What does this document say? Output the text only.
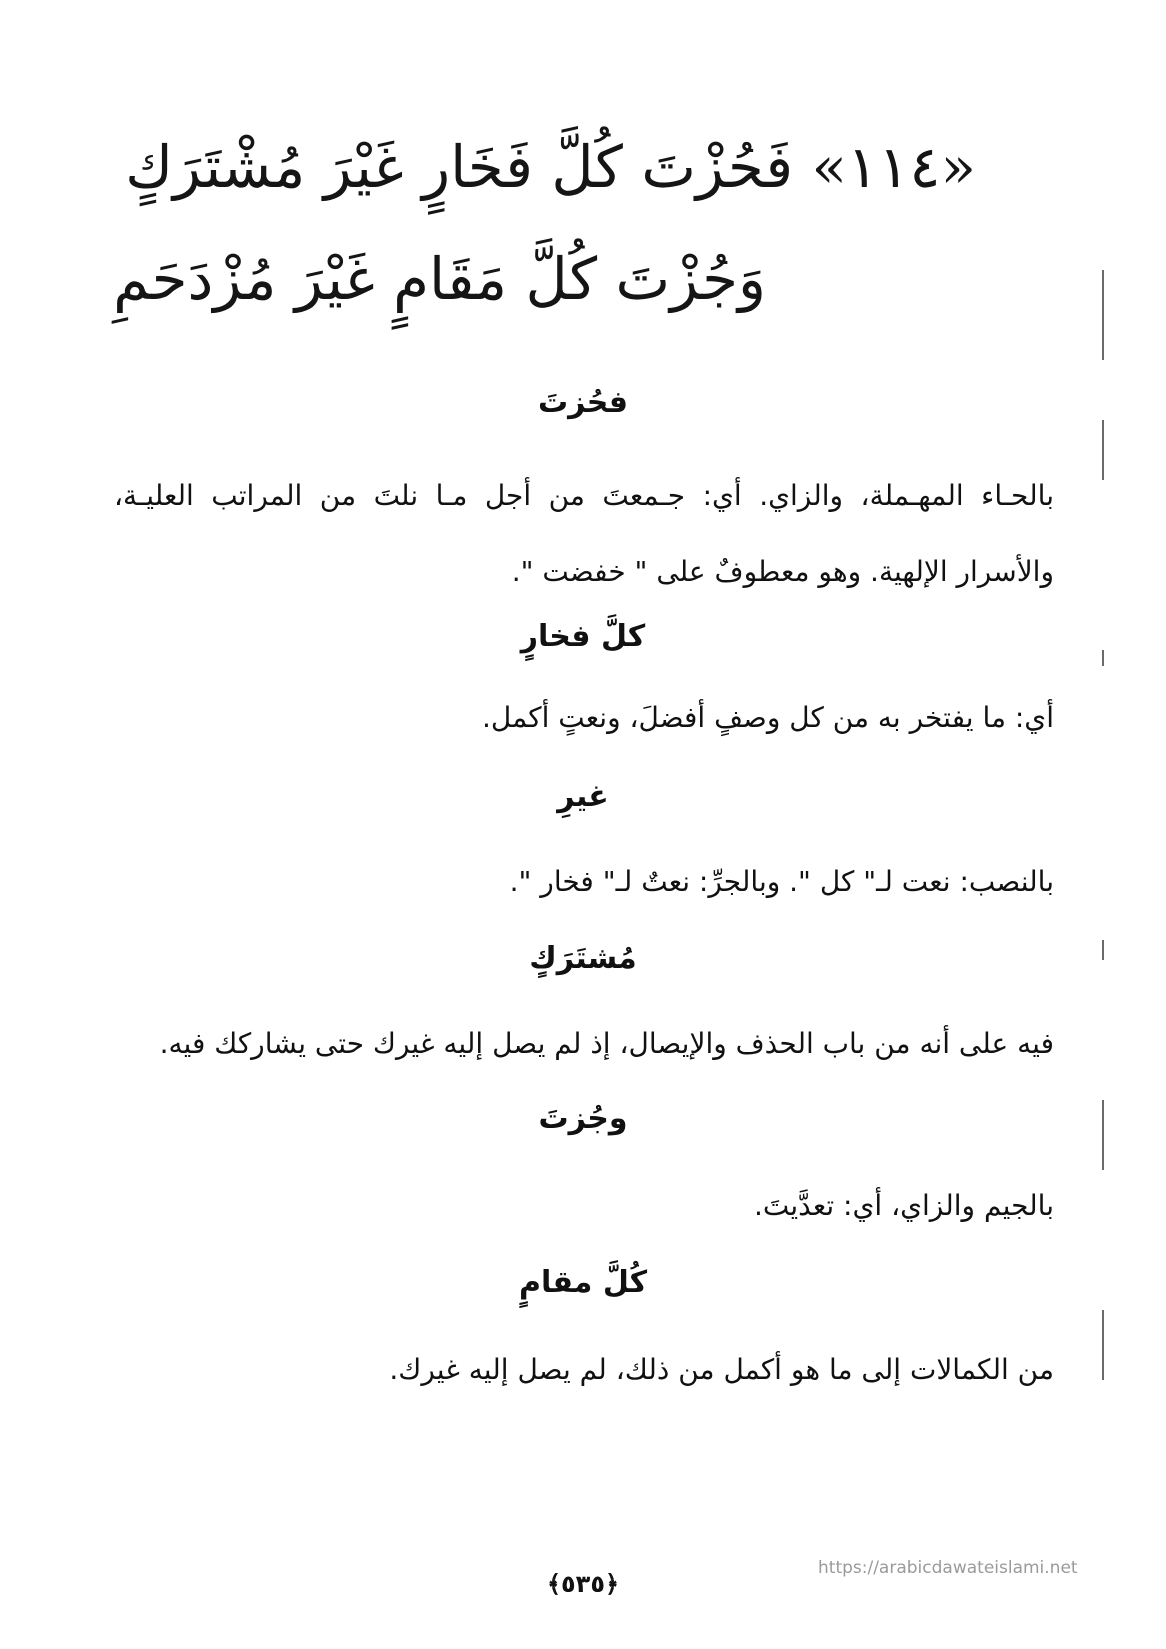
«١١٤» فَحُزْتَ كُلَّ فَخَارٍ غَيْرَ مُشْتَرَكٍ
وَجُزْتَ كُلَّ مَقَامٍ غَيْرَ مُزْدَحَمِ
فحُزتَ
بالحـاء المهـملة، والزاي. أي: جـمعتَ من أجل مـا نلتَ من المراتب العليـة، والأسرار الإلهية. وهو معطوفٌ على " خفضت ".
كلَّ فخارٍ
أي: ما يفتخر به من كل وصفٍ أفضلَ، ونعتٍ أكمل.
غيرِ
بالنصب: نعت لـ" كل ". وبالجرِّ: نعتٌ لـ" فخار ".
مُشتَرَكٍ
فيه على أنه من باب الحذف والإيصال، إذ لم يصل إليه غيرك حتى يشاركك فيه.
وجُزتَ
بالجيم والزاي، أي: تعدَّيتَ.
كُلَّ مقامٍ
من الكمالات إلى ما هو أكمل من ذلك، لم يصل إليه غيرك.
﴿٥٣٥﴾
https://arabicdawateislami.net
